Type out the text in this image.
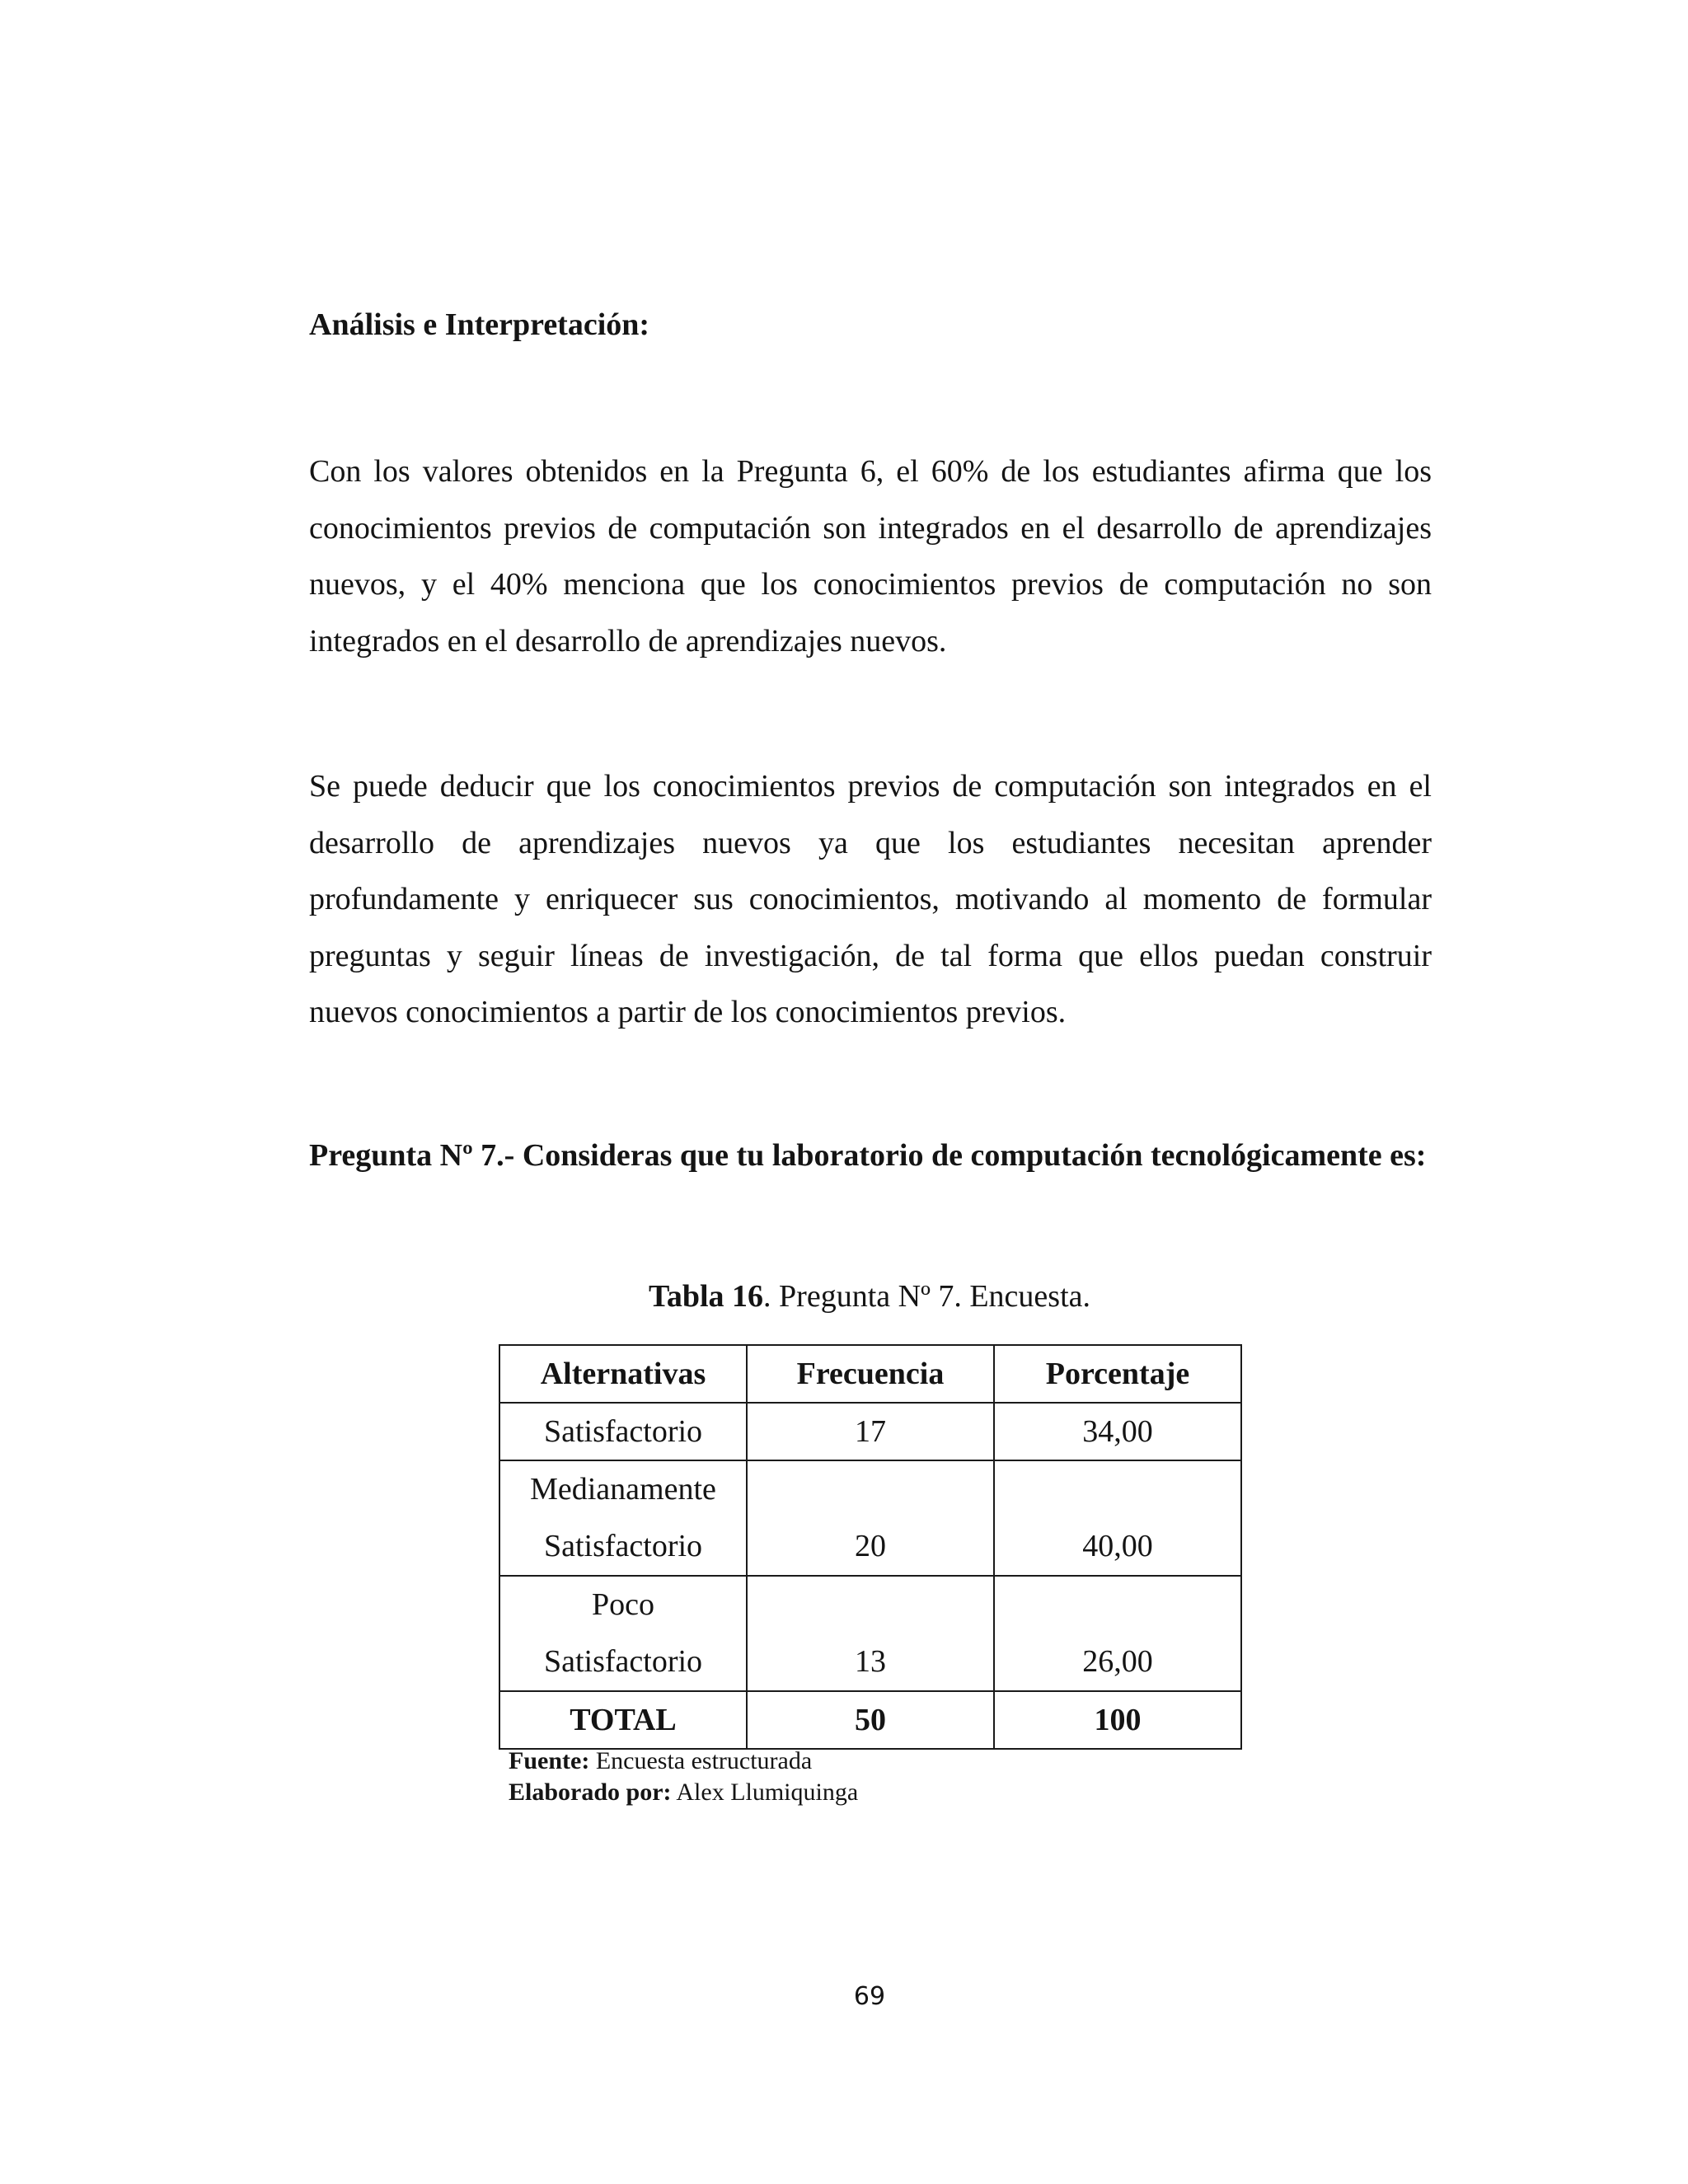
Análisis e Interpretación:

Con los valores obtenidos en la Pregunta 6, el 60% de los estudiantes afirma que los conocimientos previos de computación son integrados en el desarrollo de aprendizajes nuevos, y el 40% menciona que los conocimientos previos de computación no son integrados en el desarrollo de aprendizajes nuevos.

Se puede deducir que los conocimientos previos de computación son integrados en el desarrollo de aprendizajes nuevos ya que los estudiantes necesitan aprender profundamente y enriquecer sus conocimientos, motivando al momento de formular preguntas y seguir líneas de investigación, de tal forma que ellos puedan construir nuevos conocimientos a partir de los conocimientos previos.

Pregunta Nº 7.- Consideras que tu laboratorio de computación tecnológicamente es:

Tabla 16. Pregunta Nº 7. Encuesta.

Alternativas	Frecuencia	Porcentaje
Satisfactorio	17	34,00

Medianamente
Satisfactorio	20	40,00

Poco
Satisfactorio	13	26,00

TOTAL	50	100
Fuente: Encuesta estructurada
Elaborado por: Alex Llumiquinga

69
